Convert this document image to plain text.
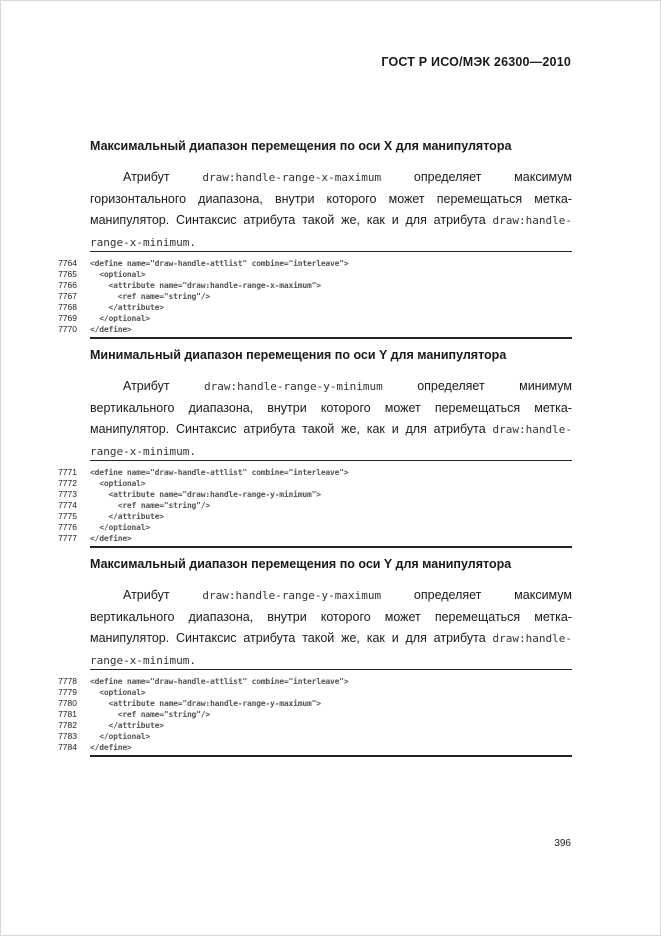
ГОСТ Р ИСО/МЭК 26300—2010
Максимальный диапазон перемещения по оси X для манипулятора
Атрибут	draw:handle-range-x-maximum	определяет	максимум
горизонтального диапазона, внутри которого может перемещаться метка-
манипулятор. Синтаксис атрибута такой же, как и для атрибута draw:handle-
range-x-minimum.
7764 <define name="draw-handle-attlist" combine="interleave">
7765 <optional>
7766 <attribute name="draw:handle-range-x-maximum">
7767 <ref name="string"/>
7768 </attribute>
7769 </optional>
7770 </define>
Минимальный диапазон перемещения по оси Y для манипулятора
Атрибут	draw:handle-range-y-minimum	определяет	минимум
вертикального диапазона, внутри которого может перемещаться метка-
манипулятор. Синтаксис атрибута такой же, как и для атрибута draw:handle-
range-x-minimum.
7771 <define name="draw-handle-attlist" combine="interleave">
7772 <optional>
7773 <attribute name="draw:handle-range-y-minimum">
7774 <ref name="string"/>
7775 </attribute>
7776 </optional>
7777 </define>
Максимальный диапазон перемещения по оси Y для манипулятора
Атрибут	draw:handle-range-y-maximum	определяет	максимум
вертикального диапазона, внутри которого может перемещаться метка-
манипулятор. Синтаксис атрибута такой же, как и для атрибута draw:handle-
range-x-minimum.
7778 <define name="draw-handle-attlist" combine="interleave">
7779 <optional>
7780 <attribute name="draw:handle-range-y-maximum">
7781 <ref name="string"/>
7782 </attribute>
7783 </optional>
7784 </define>
396
